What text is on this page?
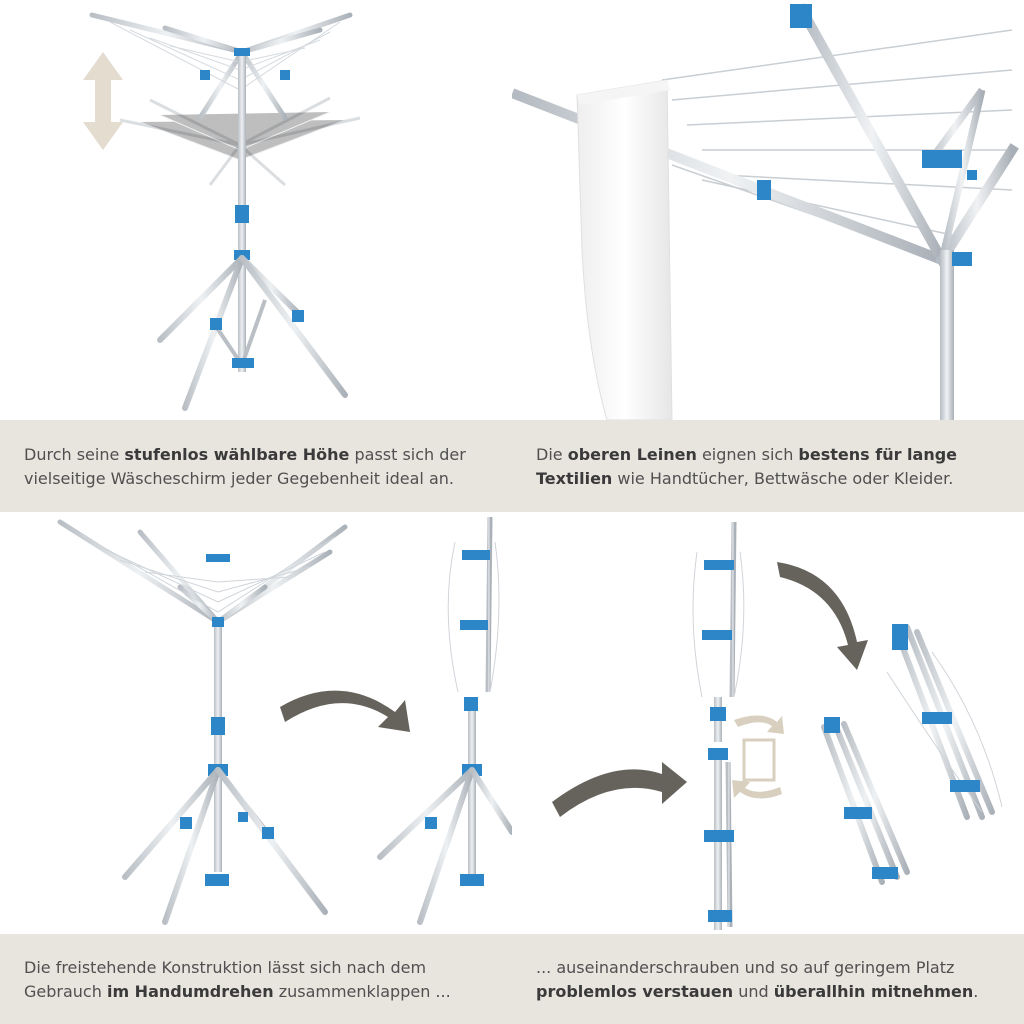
Durch seine stufenlos wählbare Höhe passt sich der
vielseitige Wäscheschirm jeder Gegebenheit ideal an.
Die oberen Leinen eignen sich bestens für lange
Textilien wie Handtücher, Bettwäsche oder Kleider.
Die freistehende Konstruktion lässt sich nach dem
Gebrauch im Handumdrehen zusammenklappen ...
... auseinanderschrauben und so auf geringem Platz
problemlos verstauen und überallhin mitnehmen.
